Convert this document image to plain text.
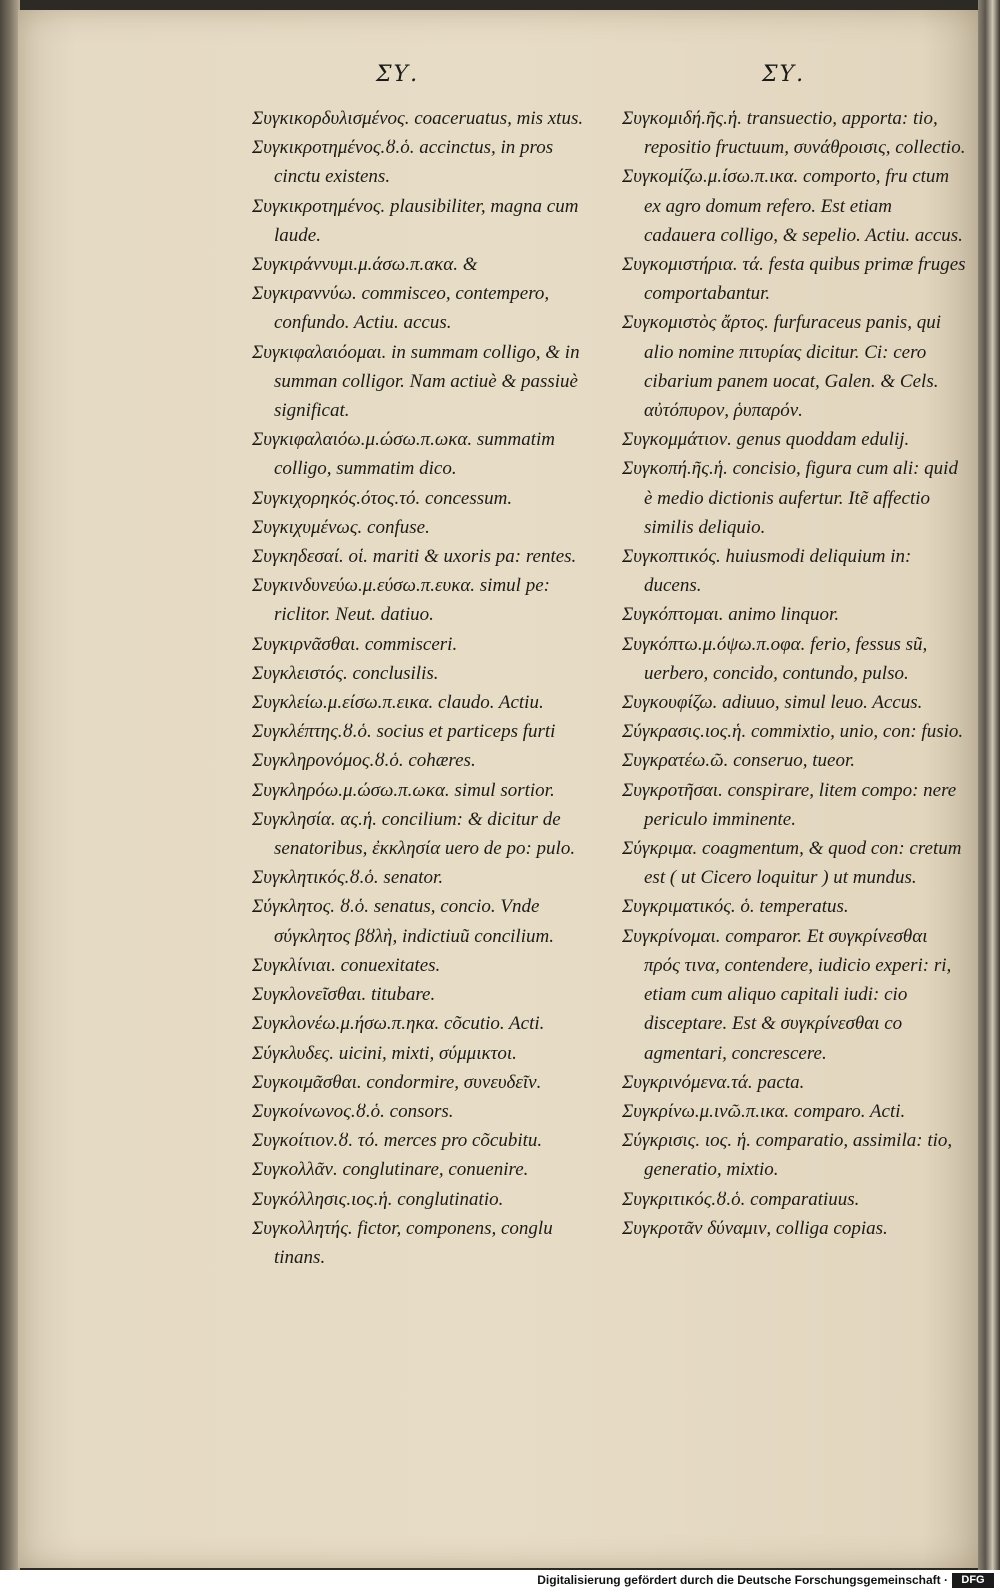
ΣΥ.	ΣΥ.
Συγκικορδυλισμένος. coaceruatus, mis xtus.
Συγκικροτημένος.ȣ.ὁ. accinctus, in pros cinctu existens.
Συγκικροτημένος. plausibiliter, magna cum laude.
Συγκιράννυμι.μ.άσω.π.ακα. &
Συγκιραννύω. commisceo, contempero, confundo. Actiu. accus.
Συγκιφαλαιόομαι. in summam colligo, & in summan colligor. Nam actiuè & passiuè significat.
Συγκιφαλαιόω.μ.ώσω.π.ωκα. summatim colligo, summatim dico.
Συγκιχορηκός.ότος.τό. concessum.
Συγκιχυμένως. confuse.
Συγκηδεσαί. οἱ. mariti & uxoris pa: rentes.
Συγκινδυνεύω.μ.εύσω.π.ευκα. simul pe: riclitor. Neut. datiuo.
Συγκιρνᾶσθαι. commisceri.
Συγκλειστός. conclusilis.
Συγκλείω.μ.είσω.π.εικα. claudo. Actiu.
Συγκλέπτης.ȣ.ὁ. socius et particeps furti
Συγκληρονόμος.ȣ.ὁ. cohæres.
Συγκληρόω.μ.ώσω.π.ωκα. simul sortior.
Συγκλησία. ας.ἡ. concilium: & dicitur de senatoribus, ἐκκλησία uero de po: pulo.
Συγκλητικός.ȣ.ὁ. senator.
Σύγκλητος. ȣ.ὁ. senatus, concio. Vnde σύγκλητος βȣλὴ, indictiuũ concilium.
Συγκλίνιαι. conuexitates.
Συγκλονεῖσθαι. titubare.
Συγκλονέω.μ.ήσω.π.ηκα. cõcutio. Acti.
Σύγκλυδες. uicini, mixti, σύμμικτοι.
Συγκοιμᾶσθαι. condormire, συνευδεῖν.
Συγκοίνωνος.ȣ.ὁ. consors.
Συγκοίτιον.ȣ. τό. merces pro cõcubitu.
Συγκολλᾶν. conglutinare, conuenire.
Συγκόλλησις.ιος.ἡ. conglutinatio.
Συγκολλητής. fictor, componens, conglu tinans.
Συγκομιδή.ῆς.ἡ. transuectio, apporta: tio, repositio fructuum, συνάθροισις, collectio.
Συγκομίζω.μ.ίσω.π.ικα. comporto, fru ctum ex agro domum refero. Est etiam cadauera colligo, & sepelio. Actiu. accus.
Συγκομιστήρια. τά. festa quibus primæ fruges comportabantur.
Συγκομιστὸς ἄρτος. furfuraceus panis, qui alio nomine πιτυρίας dicitur. Ci: cero cibarium panem uocat, Galen. & Cels. αὐτόπυρον, ῥυπαρόν.
Συγκομμάτιον. genus quoddam edulij.
Συγκοπή.ῆς.ἡ. concisio, figura cum ali: quid è medio dictionis aufertur. Itẽ affectio similis deliquio.
Συγκοπτικός. huiusmodi deliquium in: ducens.
Συγκόπτομαι. animo linquor.
Συγκόπτω.μ.όψω.π.οφα. ferio, fessus sũ, uerbero, concido, contundo, pulso.
Συγκουφίζω. adiuuo, simul leuo. Accus.
Σύγκρασις.ιος.ἡ. commixtio, unio, con: fusio.
Συγκρατέω.ῶ. conseruo, tueor.
Συγκροτῆσαι. conspirare, litem compo: nere periculo imminente.
Σύγκριμα. coagmentum, & quod con: cretum est ( ut Cicero loquitur ) ut mundus.
Συγκριματικός. ὁ. temperatus.
Συγκρίνομαι. comparor. Et συγκρίνεσθαι πρός τινα, contendere, iudicio experi: ri, etiam cum aliquo capitali iudi: cio disceptare. Est & συγκρίνεσθαι co agmentari, concrescere.
Συγκρινόμενα.τά. pacta.
Συγκρίνω.μ.ινῶ.π.ικα. comparo. Acti.
Σύγκρισις. ιος. ἡ. comparatio, assimila: tio, generatio, mixtio.
Συγκριτικός.ȣ.ὁ. comparatiuus.
Συγκροτᾶν δύναμιν, colliga copias.
Digitalisierung gefördert durch die Deutsche Forschungsgemeinschaft ·	DFG
